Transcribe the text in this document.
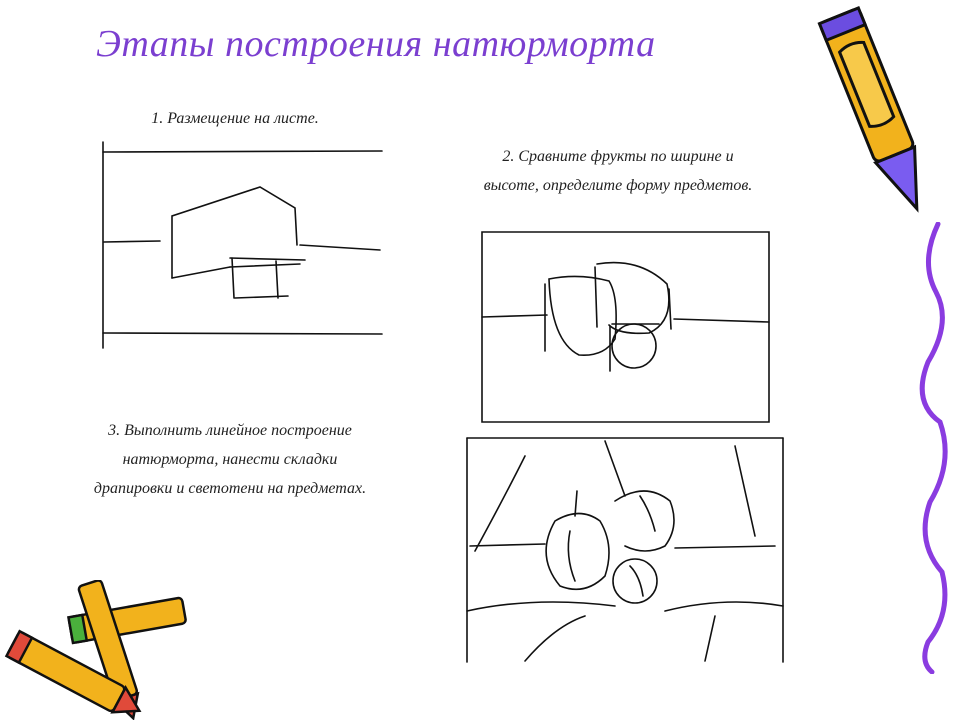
Этапы построения натюрморта
1. Размещение на листе.
2. Сравните фрукты по ширине и
высоте, определите форму предметов.
3. Выполнить линейное построение
натюрморта, нанести складки
драпировки и светотени на предметах.
